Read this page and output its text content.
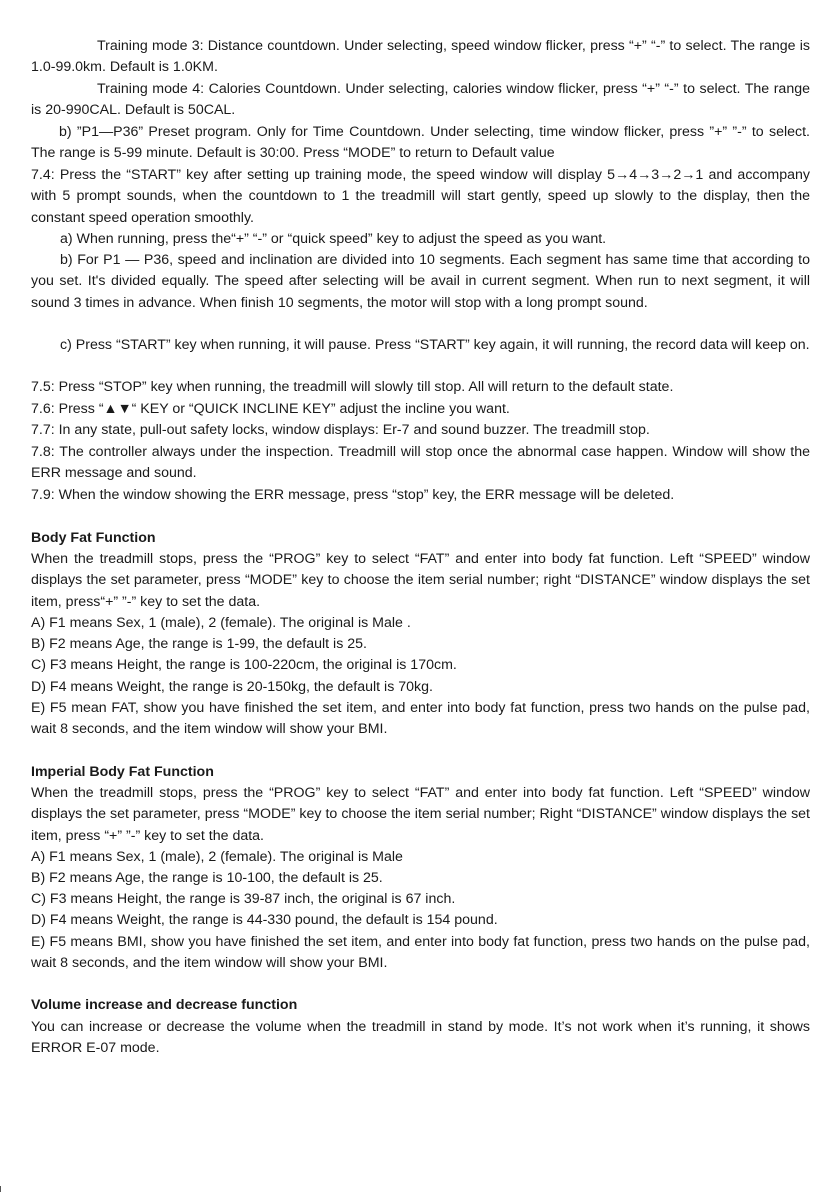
Training mode 3: Distance countdown. Under selecting, speed window flicker, press “+” “-” to select. The range is 1.0-99.0km. Default is 1.0KM.

Training mode 4: Calories Countdown. Under selecting, calories window flicker, press “+” “-” to select. The range is 20-990CAL. Default is 50CAL.

b) ”P1—P36” Preset program. Only for Time Countdown. Under selecting, time window flicker, press ”+” ”-” to select. The range is 5-99 minute. Default is 30:00. Press “MODE” to return to Default value

7.4: Press the “START” key after setting up training mode, the speed window will display 5→4→3→2→1 and accompany with 5 prompt sounds, when the countdown to 1 the treadmill will start gently, speed up slowly to the display, then the constant speed operation smoothly.

a) When running, press the“+” “-” or “quick speed” key to adjust the speed as you want.

b) For P1 — P36, speed and inclination are divided into 10 segments. Each segment has same time that according to you set. It's divided equally. The speed after selecting will be avail in current segment. When run to next segment, it will sound 3 times in advance. When finish 10 segments, the motor will stop with a long prompt sound.

c) Press “START” key when running, it will pause. Press “START” key again, it will running, the record data will keep on.

7.5: Press “STOP” key when running, the treadmill will slowly till stop. All will return to the default state.

7.6: Press “▲▼“ KEY or “QUICK INCLINE KEY” adjust the incline you want.

7.7: In any state, pull-out safety locks, window displays: Er-7 and sound buzzer. The treadmill stop.

7.8: The controller always under the inspection. Treadmill will stop once the abnormal case happen. Window will show the ERR message and sound.

7.9: When the window showing the ERR message, press “stop” key, the ERR message will be deleted.

Body Fat Function

When the treadmill stops, press the “PROG” key to select “FAT” and enter into body fat function. Left “SPEED” window displays the set parameter, press “MODE” key to choose the item serial number; right “DISTANCE” window displays the set item, press“+” ”-” key to set the data.

A) F1 means Sex, 1 (male), 2 (female). The original is Male .

B) F2 means Age, the range is 1-99, the default is 25.

C) F3 means Height, the range is 100-220cm, the original is 170cm.

D) F4 means Weight, the range is 20-150kg, the default is 70kg.

E) F5 mean FAT, show you have finished the set item, and enter into body fat function, press two hands on the pulse pad, wait 8 seconds, and the item window will show your BMI.

Imperial Body Fat Function

When the treadmill stops, press the “PROG” key to select “FAT” and enter into body fat function. Left “SPEED” window displays the set parameter, press “MODE” key to choose the item serial number; Right “DISTANCE” window displays the set item, press “+” ”-” key to set the data.

A) F1 means Sex, 1 (male), 2 (female). The original is Male

B) F2 means Age, the range is 10-100, the default is 25.

C) F3 means Height, the range is 39-87 inch, the original is 67 inch.

D) F4 means Weight, the range is 44-330 pound, the default is 154 pound.

E) F5 means BMI, show you have finished the set item, and enter into body fat function, press two hands on the pulse pad, wait 8 seconds, and the item window will show your BMI.

Volume increase and decrease function

You can increase or decrease the volume when the treadmill in stand by mode. It’s not work when it’s running, it shows ERROR E-07 mode.
